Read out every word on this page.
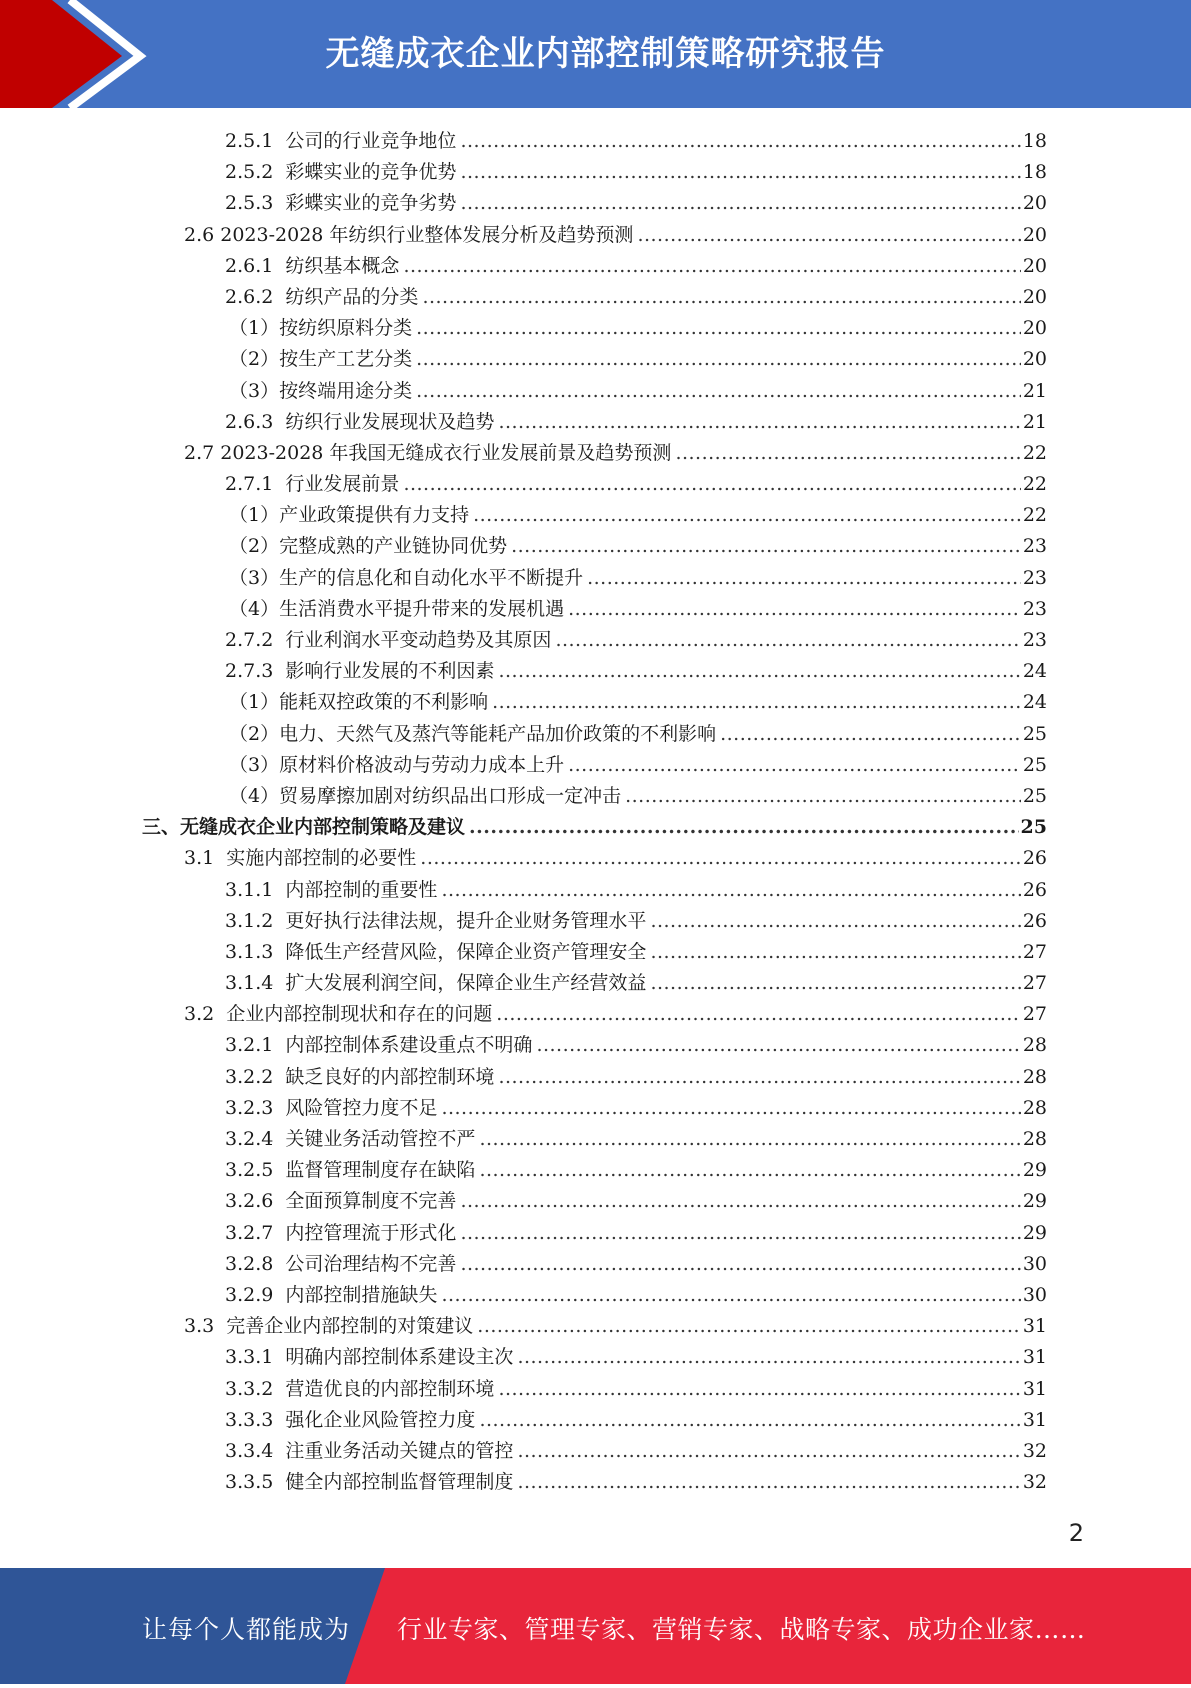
无缝成衣企业内部控制策略研究报告
2.5.1  公司的行业竞争地位 .....	18
2.5.2  彩蝶实业的竞争优势 .....	18
2.5.3  彩蝶实业的竞争劣势 .....	20
2.6 2023-2028 年纺织行业整体发展分析及趋势预测 .....	20
2.6.1  纺织基本概念 .....	20
2.6.2  纺织产品的分类 .....	20
（1）按纺织原料分类 .....	20
（2）按生产工艺分类 .....	20
（3）按终端用途分类 .....	21
2.6.3  纺织行业发展现状及趋势 .....	21
2.7 2023-2028 年我国无缝成衣行业发展前景及趋势预测 .....	22
2.7.1  行业发展前景 .....	22
（1）产业政策提供有力支持 .....	22
（2）完整成熟的产业链协同优势 .....	23
（3）生产的信息化和自动化水平不断提升 .....	23
（4）生活消费水平提升带来的发展机遇 .....	23
2.7.2  行业利润水平变动趋势及其原因 .....	23
2.7.3  影响行业发展的不利因素 .....	24
（1）能耗双控政策的不利影响 .....	24
（2）电力、天然气及蒸汽等能耗产品加价政策的不利影响 .....	25
（3）原材料价格波动与劳动力成本上升 .....	25
（4）贸易摩擦加剧对纺织品出口形成一定冲击 .....	25
三、无缝成衣企业内部控制策略及建议 .....	25
3.1  实施内部控制的必要性 .....	26
3.1.1  内部控制的重要性 .....	26
3.1.2  更好执行法律法规，提升企业财务管理水平 .....	26
3.1.3  降低生产经营风险，保障企业资产管理安全 .....	27
3.1.4  扩大发展利润空间，保障企业生产经营效益 .....	27
3.2  企业内部控制现状和存在的问题 .....	27
3.2.1  内部控制体系建设重点不明确 .....	28
3.2.2  缺乏良好的内部控制环境 .....	28
3.2.3  风险管控力度不足 .....	28
3.2.4  关键业务活动管控不严 .....	28
3.2.5  监督管理制度存在缺陷 .....	29
3.2.6  全面预算制度不完善 .....	29
3.2.7  内控管理流于形式化 .....	29
3.2.8  公司治理结构不完善 .....	30
3.2.9  内部控制措施缺失 .....	30
3.3  完善企业内部控制的对策建议 .....	31
3.3.1  明确内部控制体系建设主次 .....	31
3.3.2  营造优良的内部控制环境 .....	31
3.3.3  强化企业风险管控力度 .....	31
3.3.4  注重业务活动关键点的管控 .....	32
3.3.5  健全内部控制监督管理制度 .....	32
2
让每个人都能成为 行业专家、管理专家、营销专家、战略专家、成功企业家……
